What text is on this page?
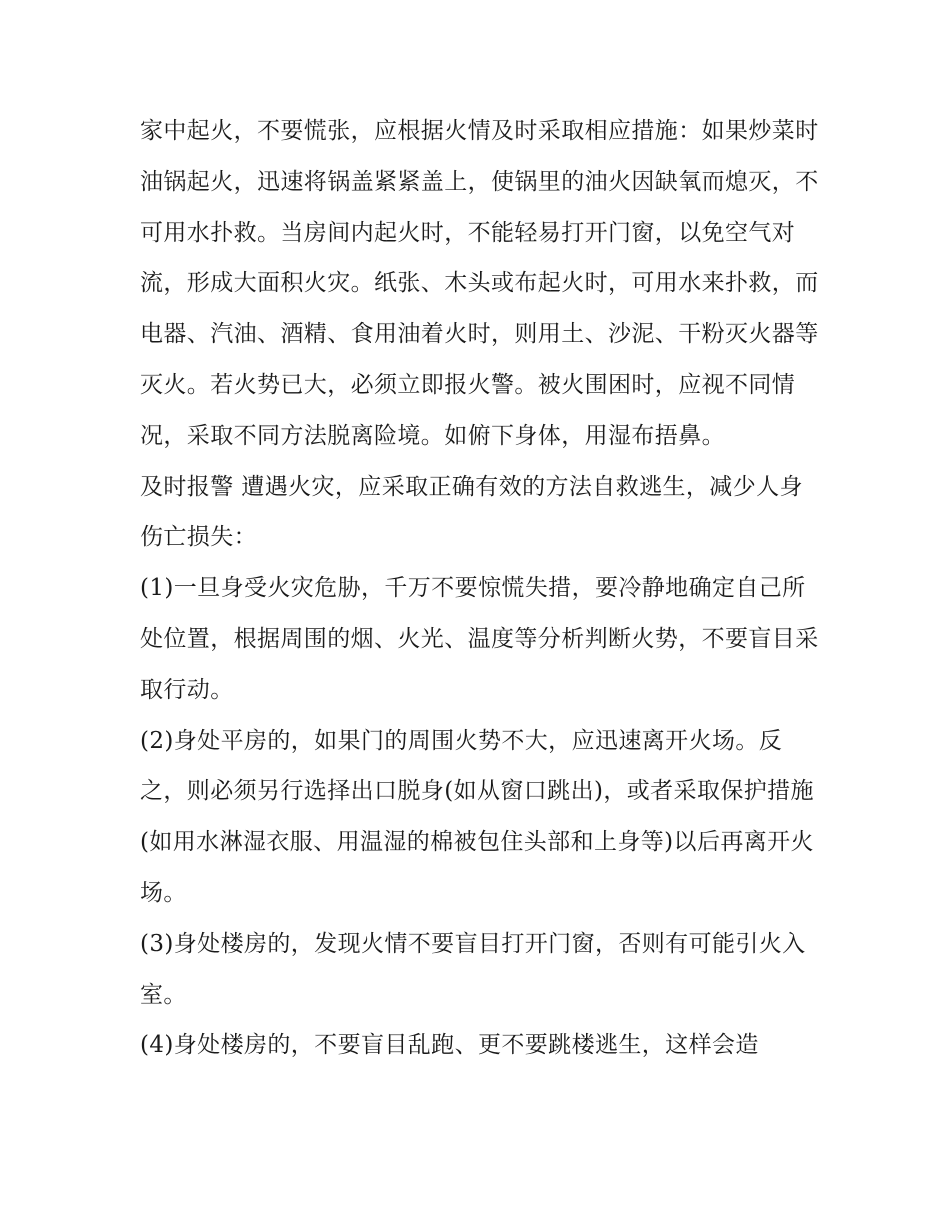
家中起火，不要慌张，应根据火情及时采取相应措施：如果炒菜时油锅起火，迅速将锅盖紧紧盖上，使锅里的油火因缺氧而熄灭，不可用水扑救。当房间内起火时，不能轻易打开门窗，以免空气对流，形成大面积火灾。纸张、木头或布起火时，可用水来扑救，而电器、汽油、酒精、食用油着火时，则用土、沙泥、干粉灭火器等灭火。若火势已大，必须立即报火警。被火围困时，应视不同情况，采取不同方法脱离险境。如俯下身体，用湿布捂鼻。

及时报警 遭遇火灾，应采取正确有效的方法自救逃生，减少人身伤亡损失：

(1)一旦身受火灾危胁，千万不要惊慌失措，要冷静地确定自己所处位置，根据周围的烟、火光、温度等分析判断火势，不要盲目采取行动。

(2)身处平房的，如果门的周围火势不大，应迅速离开火场。反之，则必须另行选择出口脱身(如从窗口跳出)，或者采取保护措施(如用水淋湿衣服、用温湿的棉被包住头部和上身等)以后再离开火场。

(3)身处楼房的，发现火情不要盲目打开门窗，否则有可能引火入室。

(4)身处楼房的，不要盲目乱跑、更不要跳楼逃生，这样会造
